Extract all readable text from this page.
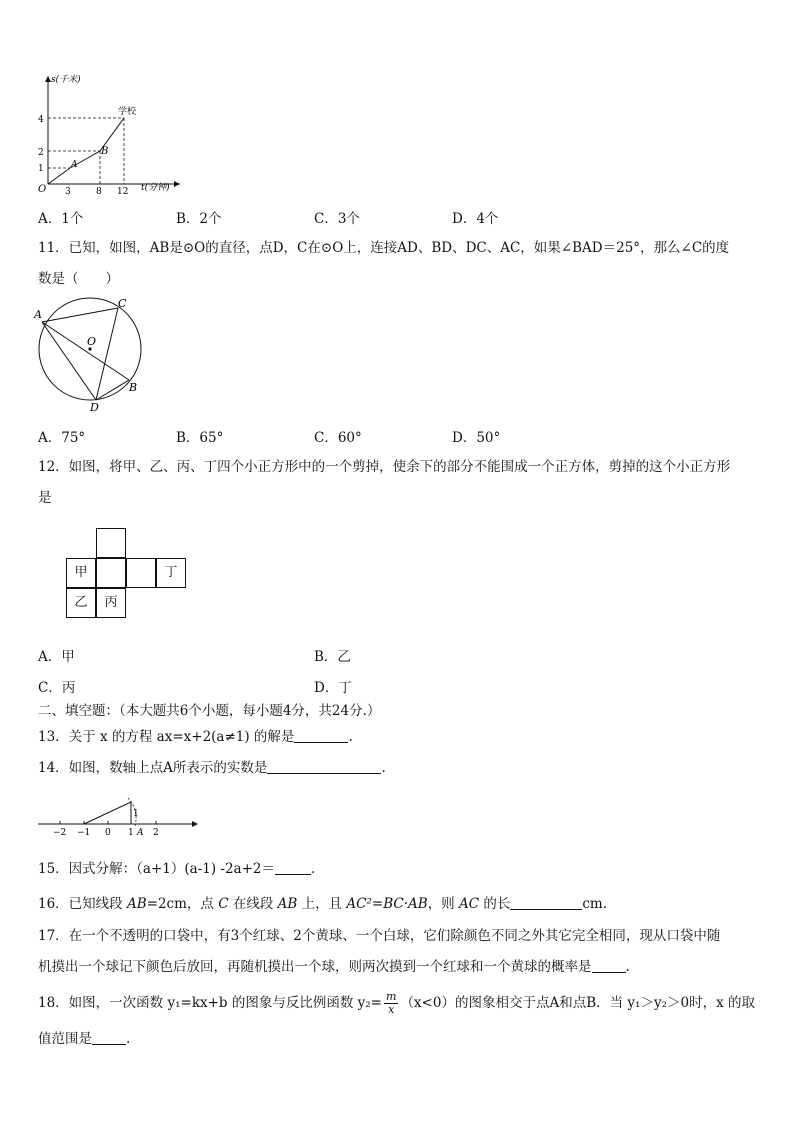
s(千米)
t(分钟)
O
4
2
1
3	8 12
A
B
学校
A．1个	B．2个	C．3个	D．4个
11．已知，如图，AB是⊙O的直径，点D，C在⊙O上，连接AD、BD、DC、AC，如果∠BAD＝25°，那么∠C的度
数是（　　）
A
C
O
B
D
A．75°	B．65°	C．60°	D．50°
12．如图，将甲、乙、丙、丁四个小正方形中的一个剪掉，使余下的部分不能围成一个正方体，剪掉的这个小正方形
是
甲	丁
乙	丙
A．甲	B．乙
C．丙	D．丁
二、填空题：（本大题共6个小题，每小题4分，共24分.）
13．关于 x 的方程 ax=x+2(a≠1) 的解是	.
14．如图，数轴上点A所表示的实数是	.
−2 −1 0 1 2
1
A
15．因式分解：（a+1）(a-1) -2a+2＝	.
16．已知线段 AB=2cm，点 C 在线段 AB 上，且 AC²=BC·AB，则 AC 的长	cm.
17．在一个不透明的口袋中，有3个红球、2个黄球、一个白球，它们除颜色不同之外其它完全相同，现从口袋中随
机摸出一个球记下颜色后放回，再随机摸出一个球，则两次摸到一个红球和一个黄球的概率是	.
18．如图，一次函数 y₁=kx+b 的图象与反比例函数 $y_2= \frac{m}{x} (x<0)$的图象相交于点A和点B．当 y₁＞y₂＞0时，x 的取
值范围是	.
